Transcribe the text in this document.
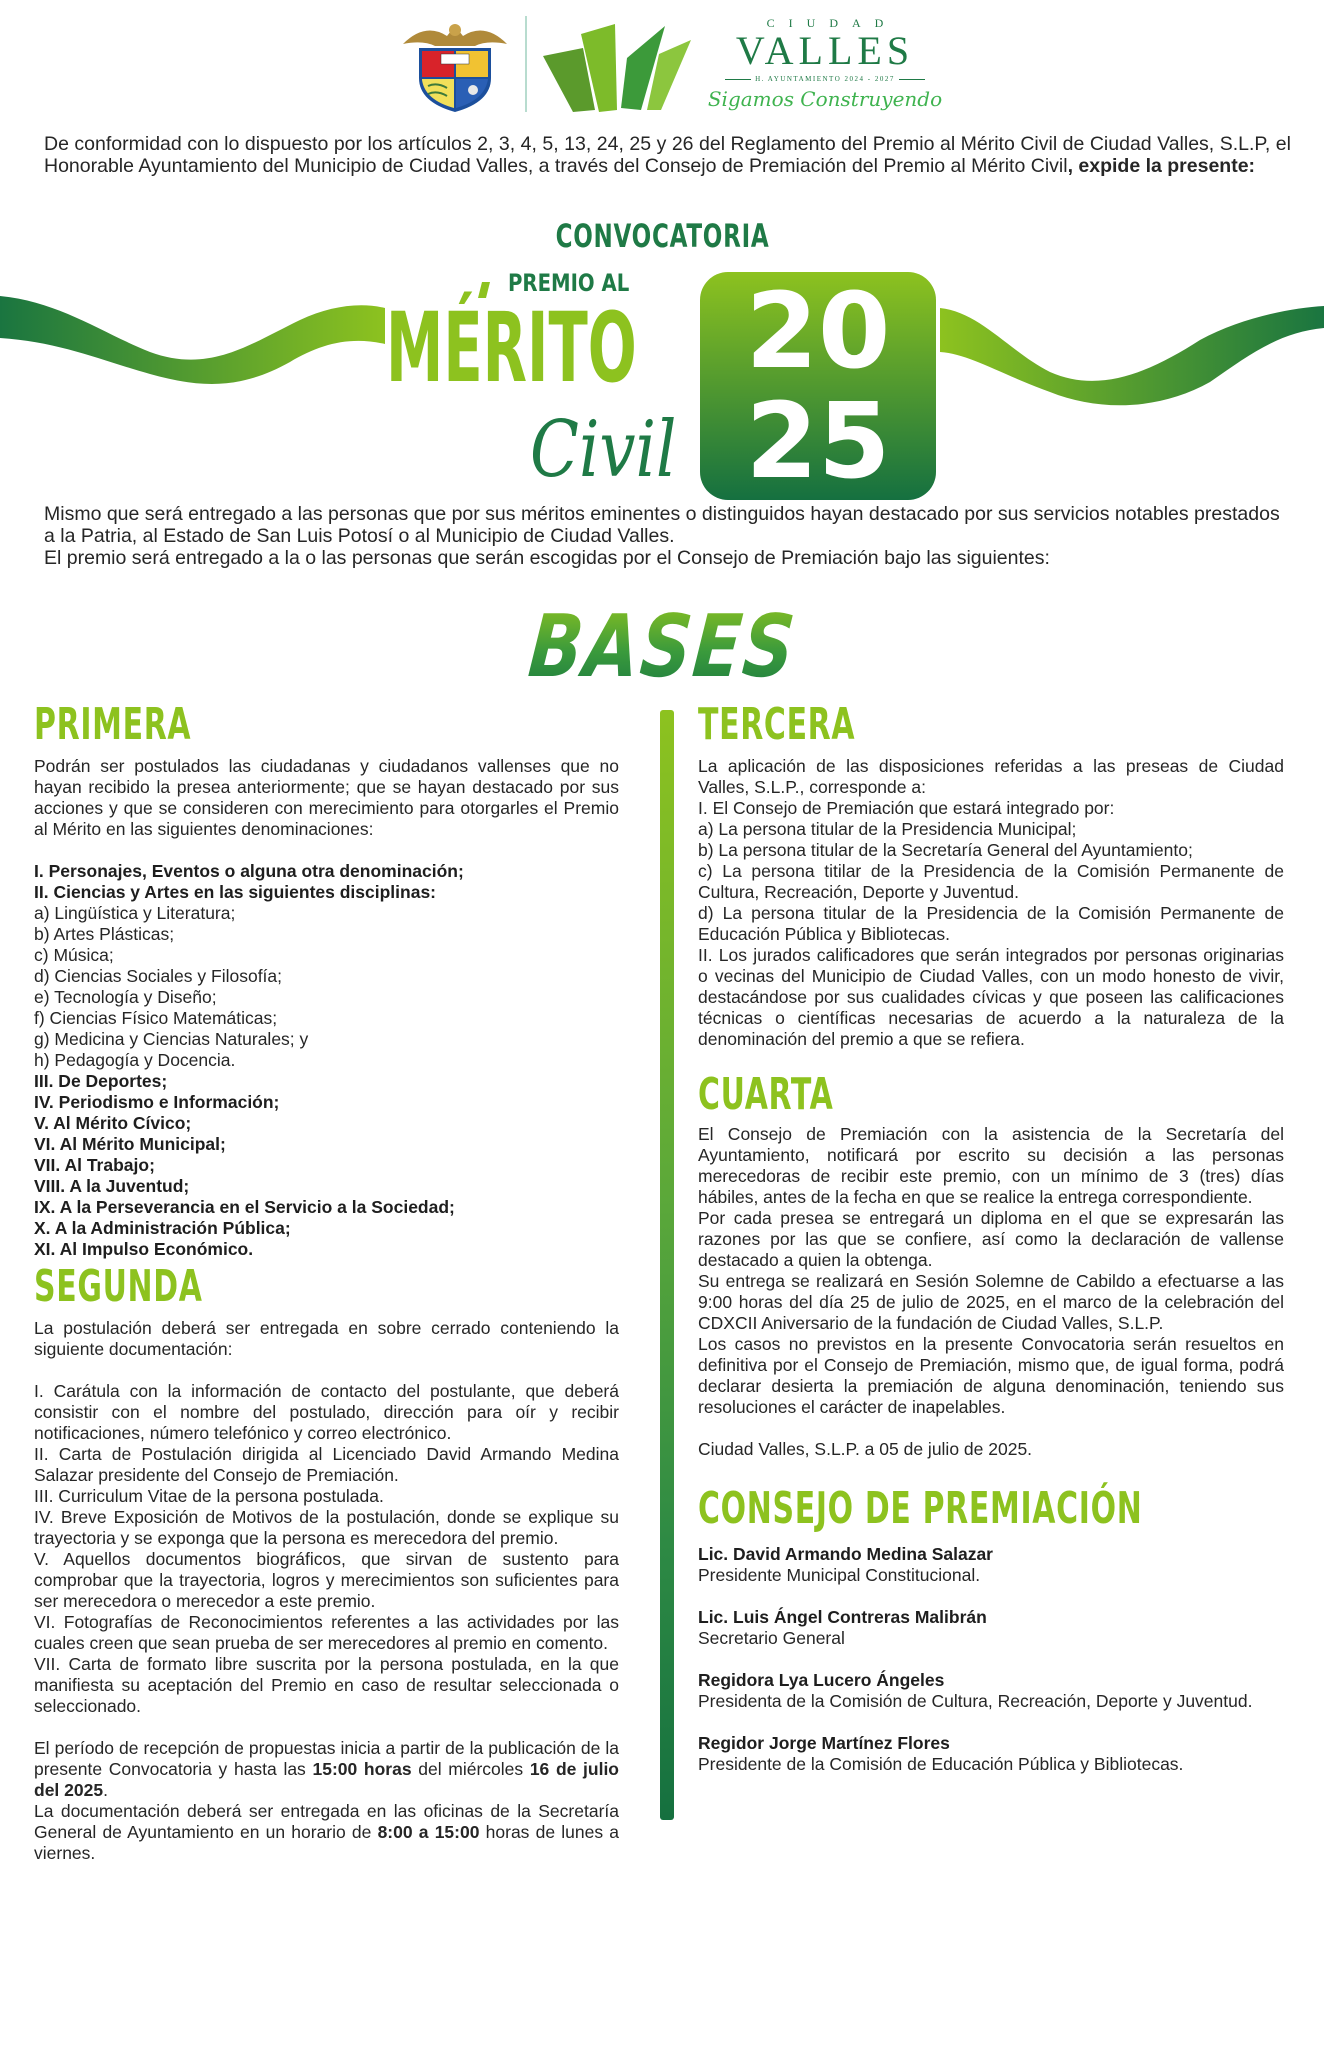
CIUDAD
VALLES
H. AYUNTAMIENTO 2024 - 2027
Sigamos Construyendo

De conformidad con lo dispuesto por los artículos 2, 3, 4, 5, 13, 24, 25 y 26 del Reglamento del Premio al Mérito Civil de Ciudad Valles, S.L.P, el Honorable Ayuntamiento del Municipio de Ciudad Valles, a través del Consejo de Premiación del Premio al Mérito Civil, expide la presente:

CONVOCATORIA
PREMIO AL
MÉRITO
Civil
20
25

Mismo que será entregado a las personas que por sus méritos eminentes o distinguidos hayan destacado por sus servicios notables prestados a la Patria, al Estado de San Luis Potosí o al Municipio de Ciudad Valles.

El premio será entregado a la o las personas que serán escogidas por el Consejo de Premiación bajo las siguientes:

BASES
PRIMERA

Podrán ser postulados las ciudadanas y ciudadanos vallenses que no hayan recibido la presea anteriormente; que se hayan destacado por sus acciones y que se consideren con merecimiento para otorgarles el Premio al Mérito en las siguientes denominaciones:

I. Personajes, Eventos o alguna otra denominación;
II. Ciencias y Artes en las siguientes disciplinas:
a) Lingüística y Literatura;
b) Artes Plásticas;
c) Música;
d) Ciencias Sociales y Filosofía;
e) Tecnología y Diseño;
f) Ciencias Físico Matemáticas;
g) Medicina y Ciencias Naturales; y
h) Pedagogía y Docencia.
III. De Deportes;
IV. Periodismo e Información;
V. Al Mérito Cívico;
VI. Al Mérito Municipal;
VII. Al Trabajo;
VIII. A la Juventud;
IX. A la Perseverancia en el Servicio a la Sociedad;
X. A la Administración Pública;
XI. Al Impulso Económico.
SEGUNDA

La postulación deberá ser entregada en sobre cerrado conteniendo la siguiente documentación:

I. Carátula con la información de contacto del postulante, que deberá consistir con el nombre del postulado, dirección para oír y recibir notificaciones, número telefónico y correo electrónico.

II. Carta de Postulación dirigida al Licenciado David Armando Medina Salazar presidente del Consejo de Premiación.

III. Curriculum Vitae de la persona postulada.

IV. Breve Exposición de Motivos de la postulación, donde se explique su trayectoria y se exponga que la persona es merecedora del premio.

V. Aquellos documentos biográficos, que sirvan de sustento para comprobar que la trayectoria, logros y merecimientos son suficientes para ser merecedora o merecedor a este premio.

VI. Fotografías de Reconocimientos referentes a las actividades por las cuales creen que sean prueba de ser merecedores al premio en comento.

VII. Carta de formato libre suscrita por la persona postulada, en la que manifiesta su aceptación del Premio en caso de resultar seleccionada o seleccionado.

El período de recepción de propuestas inicia a partir de la publicación de la presente Convocatoria y hasta las 15:00 horas del miércoles 16 de julio del 2025.

La documentación deberá ser entregada en las oficinas de la Secretaría General de Ayuntamiento en un horario de 8:00 a 15:00 horas de lunes a viernes.

TERCERA

La aplicación de las disposiciones referidas a las preseas de Ciudad Valles, S.L.P., corresponde a:

I. El Consejo de Premiación que estará integrado por:

a) La persona titular de la Presidencia Municipal;

b) La persona titular de la Secretaría General del Ayuntamiento;

c) La persona titilar de la Presidencia de la Comisión Permanente de Cultura, Recreación, Deporte y Juventud.

d) La persona titular de la Presidencia de la Comisión Permanente de Educación Pública y Bibliotecas.

II. Los jurados calificadores que serán integrados por personas originarias o vecinas del Municipio de Ciudad Valles, con un modo honesto de vivir, destacándose por sus cualidades cívicas y que poseen las calificaciones técnicas o científicas necesarias de acuerdo a la naturaleza de la denominación del premio a que se refiera.

CUARTA

El Consejo de Premiación con la asistencia de la Secretaría del Ayuntamiento, notificará por escrito su decisión a las personas merecedoras de recibir este premio, con un mínimo de 3 (tres) días hábiles, antes de la fecha en que se realice la entrega correspondiente.

Por cada presea se entregará un diploma en el que se expresarán las razones por las que se confiere, así como la declaración de vallense destacado a quien la obtenga.

Su entrega se realizará en Sesión Solemne de Cabildo a efectuarse a las 9:00 horas del día 25 de julio de 2025, en el marco de la celebración del CDXCII Aniversario de la fundación de Ciudad Valles, S.L.P.

Los casos no previstos en la presente Convocatoria serán resueltos en definitiva por el Consejo de Premiación, mismo que, de igual forma, podrá declarar desierta la premiación de alguna denominación, teniendo sus resoluciones el carácter de inapelables.

Ciudad Valles, S.L.P. a 05 de julio de 2025.

CONSEJO DE PREMIACIÓN
Lic. David Armando Medina Salazar
Presidente Municipal Constitucional.
Lic. Luis Ángel Contreras Malibrán
Secretario General
Regidora Lya Lucero Ángeles
Presidenta de la Comisión de Cultura, Recreación, Deporte y Juventud.
Regidor Jorge Martínez Flores
Presidente de la Comisión de Educación Pública y Bibliotecas.
